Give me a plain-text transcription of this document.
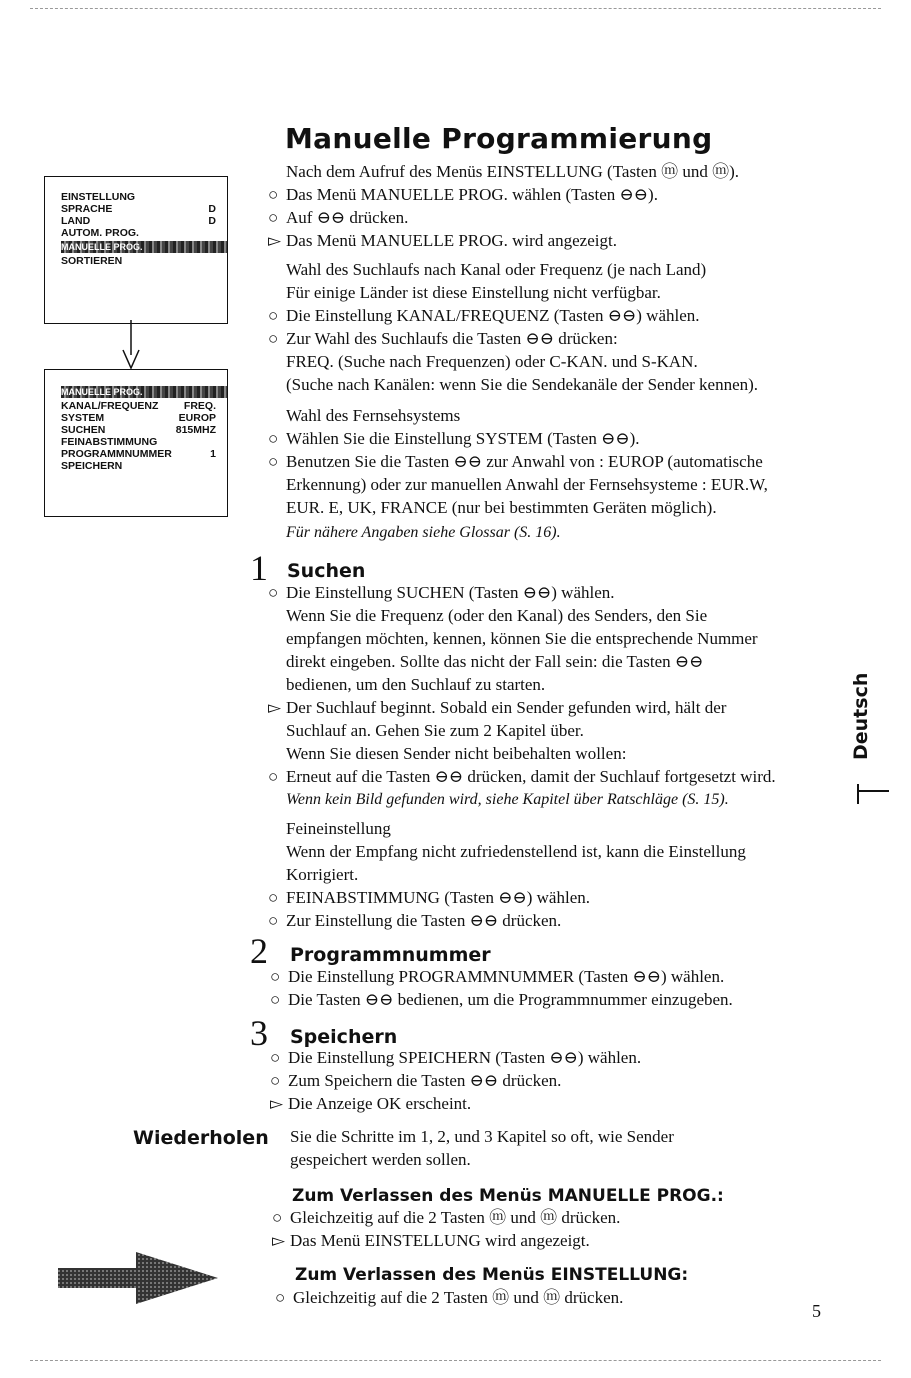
Manuelle Programmierung
EINSTELLUNG
SPRACHE	D
LAND	D
AUTOM. PROG.
MANUELLE PROG.
SORTIEREN
MANUELLE PROG.
KANAL/FREQUENZ FREQ.
SYSTEM	EUROP
SUCHEN	815MHZ
FEINABSTIMMUNG
PROGRAMMNUMMER	1
SPEICHERN
Nach dem Aufruf des Menüs EINSTELLUNG (Tasten ⓜ und ⓜ).
○ Das Menü MANUELLE PROG. wählen (Tasten ⊖⊖).
○ Auf ⊖⊖ drücken.
▻ Das Menü MANUELLE PROG. wird angezeigt.
Wahl des Suchlaufs nach Kanal oder Frequenz (je nach Land)
Für einige Länder ist diese Einstellung nicht verfügbar.
○ Die Einstellung KANAL/FREQUENZ (Tasten ⊖⊖) wählen.
○ Zur Wahl des Suchlaufs die Tasten ⊖⊖ drücken:
FREQ. (Suche nach Frequenzen) oder C-KAN. und S-KAN.
(Suche nach Kanälen: wenn Sie die Sendekanäle der Sender kennen).
Wahl des Fernsehsystems
○ Wählen Sie die Einstellung SYSTEM (Tasten ⊖⊖).
○ Benutzen Sie die Tasten ⊖⊖ zur Anwahl von : EUROP (automatische
Erkennung) oder zur manuellen Anwahl der Fernsehsysteme : EUR.W,
EUR. E, UK, FRANCE (nur bei bestimmten Geräten möglich).
Für nähere Angaben siehe Glossar (S. 16).
1 Suchen
○ Die Einstellung SUCHEN (Tasten ⊖⊖) wählen.
Wenn Sie die Frequenz (oder den Kanal) des Senders, den Sie
empfangen möchten, kennen, können Sie die entsprechende Nummer
direkt eingeben. Sollte das nicht der Fall sein: die Tasten ⊖⊖
bedienen, um den Suchlauf zu starten.
▻ Der Suchlauf beginnt. Sobald ein Sender gefunden wird, hält der
Suchlauf an. Gehen Sie zum 2 Kapitel über.
Wenn Sie diesen Sender nicht beibehalten wollen:
○ Erneut auf die Tasten ⊖⊖ drücken, damit der Suchlauf fortgesetzt wird.
Wenn kein Bild gefunden wird, siehe Kapitel über Ratschläge (S. 15).
Feineinstellung
Wenn der Empfang nicht zufriedenstellend ist, kann die Einstellung
Korrigiert.
○ FEINABSTIMMUNG (Tasten ⊖⊖) wählen.
○ Zur Einstellung die Tasten ⊖⊖ drücken.
2 Programmnummer
○ Die Einstellung PROGRAMMNUMMER (Tasten ⊖⊖) wählen.
○ Die Tasten ⊖⊖ bedienen, um die Programmnummer einzugeben.
3 Speichern
○ Die Einstellung SPEICHERN (Tasten ⊖⊖) wählen.
○ Zum Speichern die Tasten ⊖⊖ drücken.
▻ Die Anzeige OK erscheint.
Wiederholen Sie die Schritte im 1, 2, und 3 Kapitel so oft, wie Sender
gespeichert werden sollen.
Zum Verlassen des Menüs MANUELLE PROG.:
○ Gleichzeitig auf die 2 Tasten ⓜ und ⓜ drücken.
▻ Das Menü EINSTELLUNG wird angezeigt.
Zum Verlassen des Menüs EINSTELLUNG:
○ Gleichzeitig auf die 2 Tasten ⓜ und ⓜ drücken.
Deutsch
5
